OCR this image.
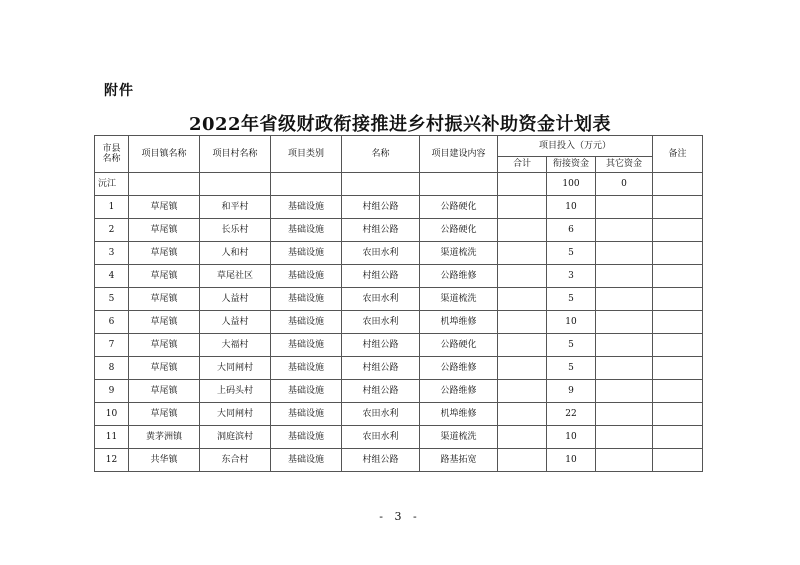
附件
2022年省级财政衔接推进乡村振兴补助资金计划表
市县
名称	项目镇名称	项目村名称	项目类别	名称	项目建设内容	项目投入（万元）			备注
						合计	衔接资金	其它资金	
沅江							100	0	
1	草尾镇	和平村	基础设施	村组公路	公路硬化		10		
2	草尾镇	长乐村	基础设施	村组公路	公路硬化		6		
3	草尾镇	人和村	基础设施	农田水利	渠道梳洗		5		
4	草尾镇	草尾社区	基础设施	村组公路	公路维修		3		
5	草尾镇	人益村	基础设施	农田水利	渠道梳洗		5		
6	草尾镇	人益村	基础设施	农田水利	机埠维修		10		
7	草尾镇	大福村	基础设施	村组公路	公路硬化		5		
8	草尾镇	大同闸村	基础设施	村组公路	公路维修		5		
9	草尾镇	上码头村	基础设施	村组公路	公路维修		9		
10	草尾镇	大同闸村	基础设施	农田水利	机埠维修		22		
11	黄茅洲镇	洞庭滨村	基础设施	农田水利	渠道梳洗		10		
12	共华镇	东合村	基础设施	村组公路	路基拓宽		10		
- 3 -
